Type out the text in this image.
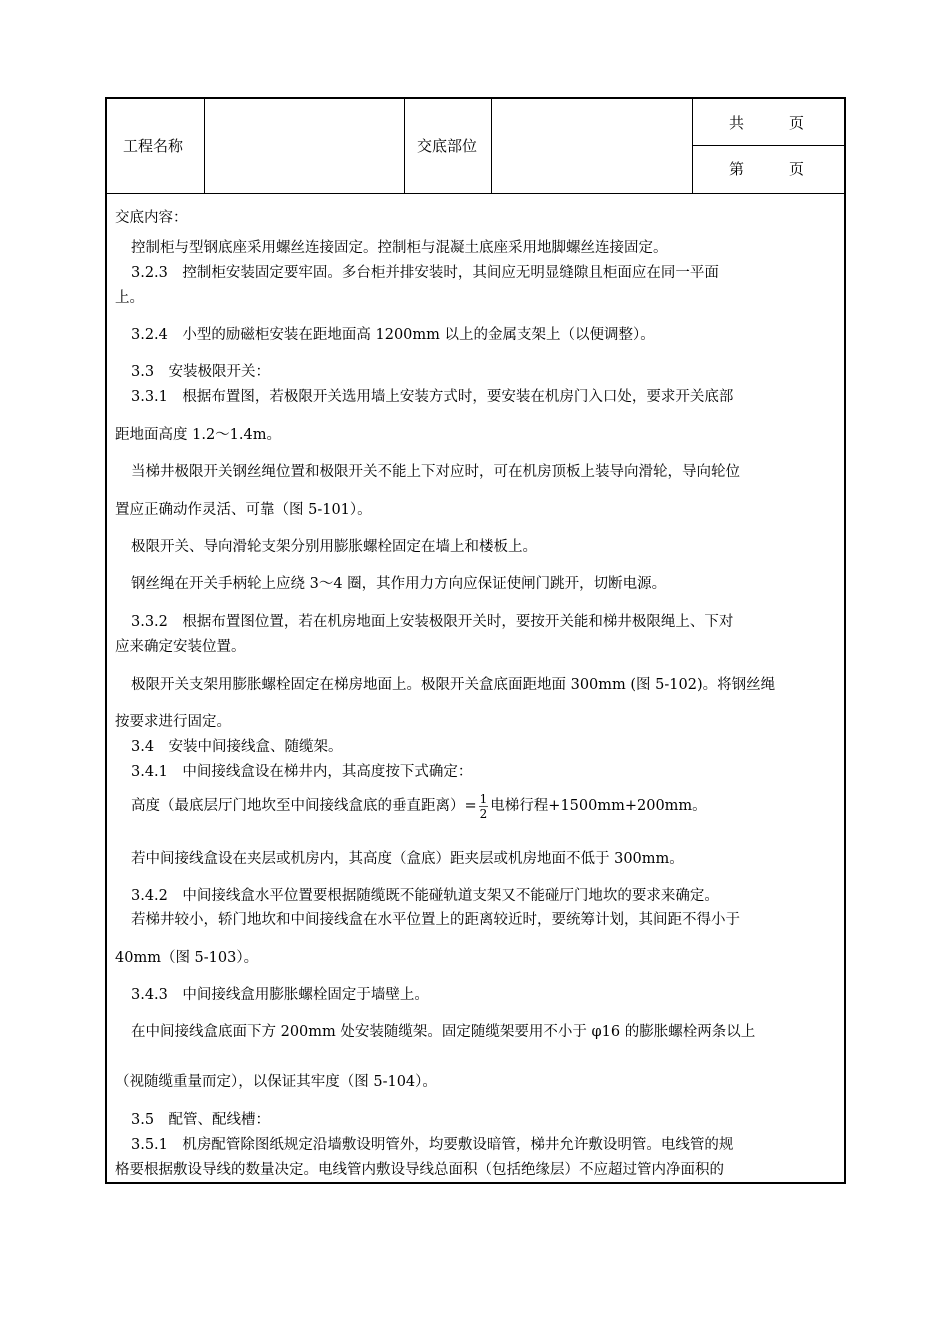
工程名称	交底部位
共　　　页
第　　　页
交底内容：
控制柜与型钢底座采用螺丝连接固定。控制柜与混凝土底座采用地脚螺丝连接固定。
3.2.3　控制柜安装固定要牢固。多台柜并排安装时，其间应无明显缝隙且柜面应在同一平面
上。
3.2.4　小型的励磁柜安装在距地面高 1200mm 以上的金属支架上（以便调整）。
3.3　安装极限开关：
3.3.1　根据布置图，若极限开关选用墙上安装方式时，要安装在机房门入口处，要求开关底部
距地面高度 1.2～1.4m。
当梯井极限开关钢丝绳位置和极限开关不能上下对应时，可在机房顶板上装导向滑轮，导向轮位
置应正确动作灵活、可靠（图 5-101）。
极限开关、导向滑轮支架分别用膨胀螺栓固定在墙上和楼板上。
钢丝绳在开关手柄轮上应绕 3～4 圈，其作用力方向应保证使闸门跳开，切断电源。
3.3.2　根据布置图位置，若在机房地面上安装极限开关时，要按开关能和梯井极限绳上、下对
应来确定安装位置。
极限开关支架用膨胀螺栓固定在梯房地面上。极限开关盒底面距地面 300mm (图 5-102)。将钢丝绳
按要求进行固定。
3.4　安装中间接线盒、随缆架。
3.4.1　中间接线盒设在梯井内，其高度按下式确定：
高度（最底层厅门地坎至中间接线盒底的垂直距离）= $\frac{1}{2}$ 电梯行程+1500mm+200mm。
若中间接线盒设在夹层或机房内，其高度（盒底）距夹层或机房地面不低于 300mm。
3.4.2　中间接线盒水平位置要根据随缆既不能碰轨道支架又不能碰厅门地坎的要求来确定。
若梯井较小，轿门地坎和中间接线盒在水平位置上的距离较近时，要统筹计划，其间距不得小于
40mm（图 5-103）。
3.4.3　中间接线盒用膨胀螺栓固定于墙壁上。
在中间接线盒底面下方 200mm 处安装随缆架。固定随缆架要用不小于 φ16 的膨胀螺栓两条以上
（视随缆重量而定），以保证其牢度（图 5-104）。
3.5　配管、配线槽：
3.5.1　机房配管除图纸规定沿墙敷设明管外，均要敷设暗管，梯井允许敷设明管。电线管的规
格要根据敷设导线的数量决定。电线管内敷设导线总面积（包括绝缘层）不应超过管内净面积的
